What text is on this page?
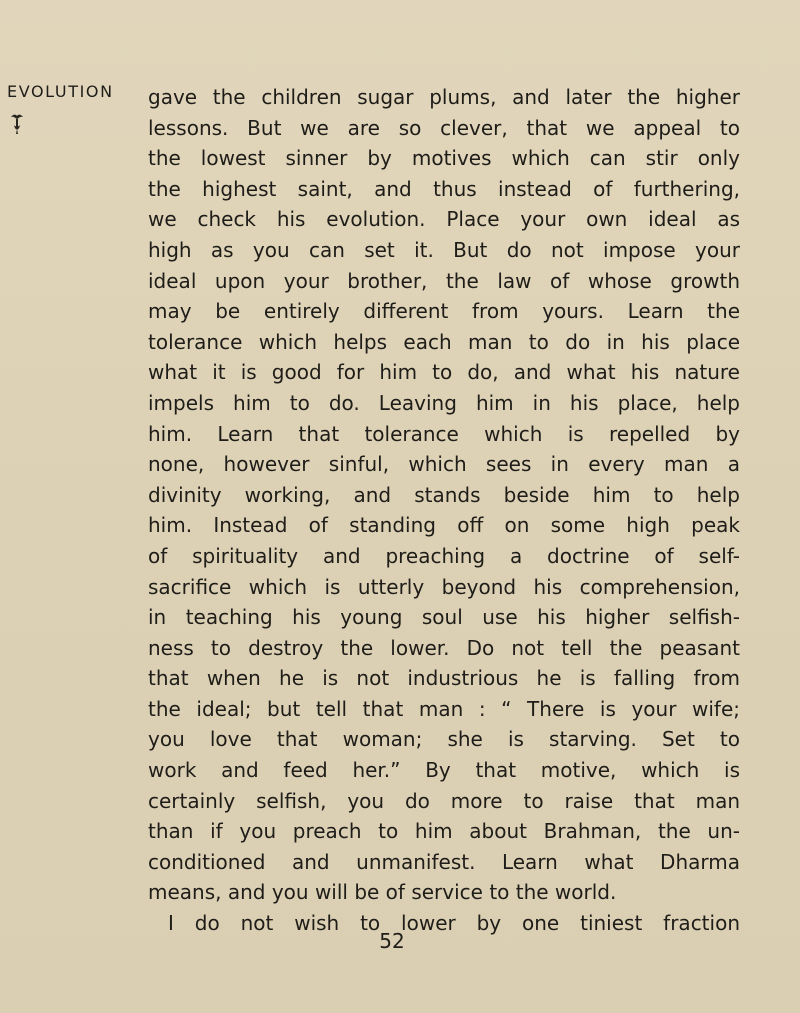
EVOLUTION gave the children sugar plums, and later the higher
lessons. But we are so clever, that we appeal to
the lowest sinner by motives which can stir only
the highest saint, and thus instead of furthering,
we check his evolution. Place your own ideal as
high as you can set it. But do not impose your
ideal upon your brother, the law of whose growth
may be entirely different from yours. Learn the
tolerance which helps each man to do in his place
what it is good for him to do, and what his nature
impels him to do. Leaving him in his place, help
him. Learn that tolerance which is repelled by
none, however sinful, which sees in every man a
divinity working, and stands beside him to help
him. Instead of standing off on some high peak
of spirituality and preaching a doctrine of self-
sacrifice which is utterly beyond his comprehension,
in teaching his young soul use his higher selfish-
ness to destroy the lower. Do not tell the peasant
that when he is not industrious he is falling from
the ideal; but tell that man : “ There is your wife;
you love that woman; she is starving. Set to
work and feed her.” By that motive, which is
certainly selfish, you do more to raise that man
than if you preach to him about Brahman, the un-
conditioned and unmanifest. Learn what Dharma
means, and you will be of service to the world.
I do not wish to lower by one tiniest fraction
52
